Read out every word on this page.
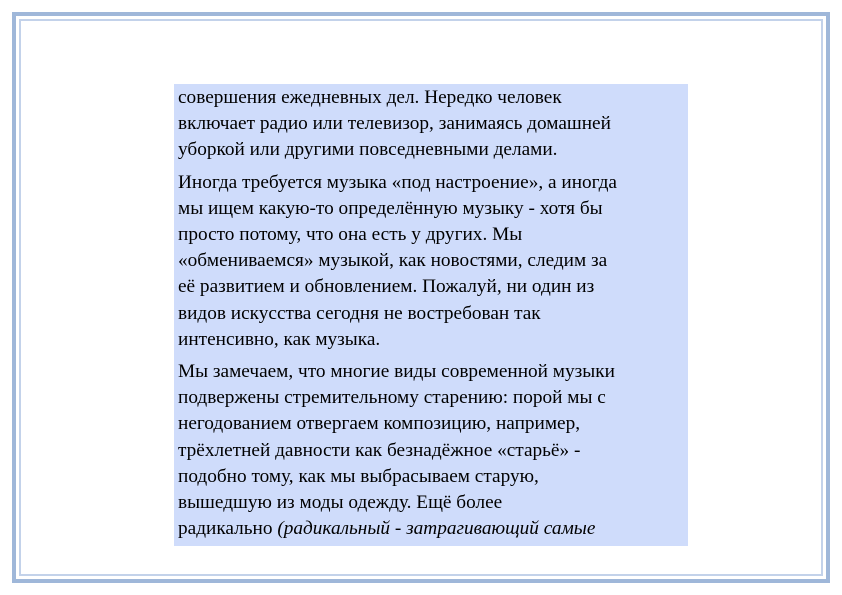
совершения ежедневных дел. Нередко человек
включает радио или телевизор, занимаясь домашней
уборкой или другими повседневными делами.

Иногда требуется музыка «под настроение», а иногда
мы ищем какую-то определённую музыку - хотя бы
просто потому, что она есть у других. Мы
«обмениваемся» музыкой, как новостями, следим за
её развитием и обновлением. Пожалуй, ни один из
видов искусства сегодня не востребован так
интенсивно, как музыка.

Мы замечаем, что многие виды современной музыки
подвержены стремительному старению: порой мы с
негодованием отвергаем композицию, например,
трёхлетней давности как безнадёжное «старьё» -
подобно тому, как мы выбрасываем старую,
вышедшую из моды одежду. Ещё более
радикально (радикальный - затрагивающий самые
